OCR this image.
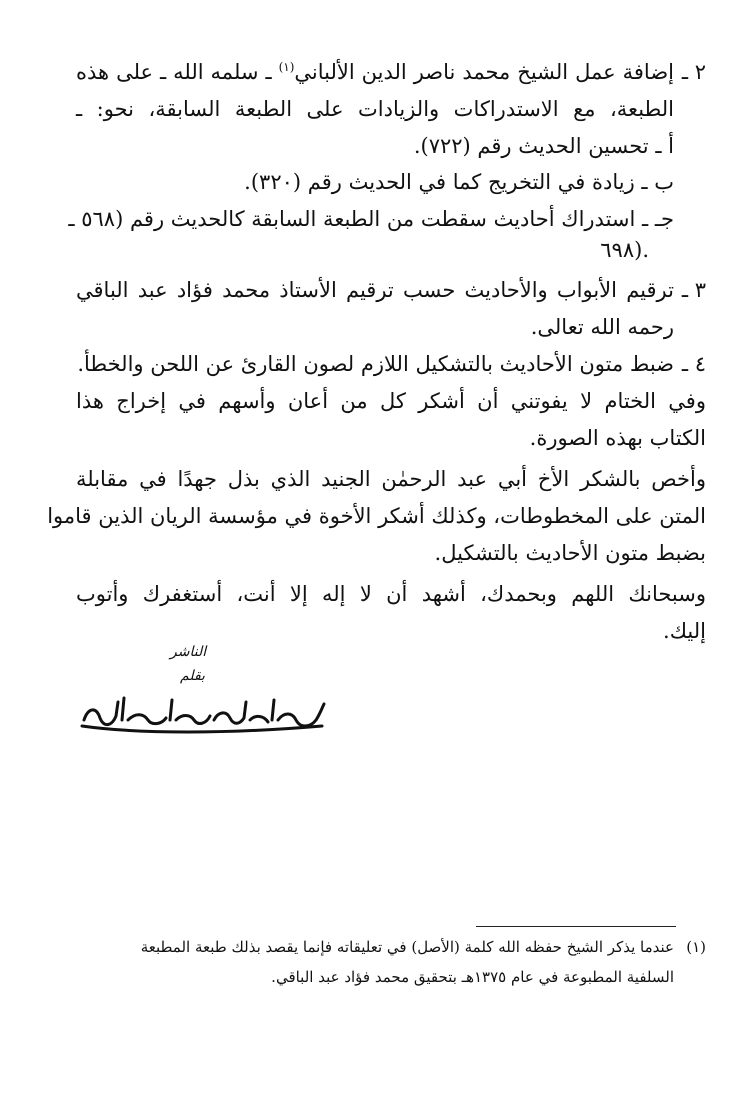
٢ ـ
إضافة عمل الشيخ محمد ناصر الدين الألباني$^{(١)}$ ـ سلمه الله ـ على هذه
الطبعة، مع الاستدراكات والزيادات على الطبعة السابقة، نحو: ـ
أ ـ تحسين الحديث رقم (٧٢٢).
ب ـ زيادة في التخريج كما في الحديث رقم (٣٢٠).
جـ ـ استدراك أحاديث سقطت من الطبعة السابقة كالحديث رقم (٥٦٨ ـ
٦٩٨).
٣ ـ
ترقيم الأبواب والأحاديث حسب ترقيم الأستاذ محمد فؤاد عبد الباقي
رحمه الله تعالى.
٤ ـ
ضبط متون الأحاديث بالتشكيل اللازم لصون القارئ عن اللحن والخطأ.
وفي الختام لا يفوتني أن أشكر كل من أعان وأسهم في إخراج هذا
الكتاب بهذه الصورة.
وأخص بالشكر الأخ أبي عبد الرحمٰن الجنيد الذي بذل جهدًا في مقابلة
المتن على المخطوطات، وكذلك أشكر الأخوة في مؤسسة الريان الذين قاموا
بضبط متون الأحاديث بالتشكيل.
وسبحانك اللهم وبحمدك، أشهد أن لا إله إلا أنت، أستغفرك وأتوب
إليك.
الناشر
بقلم
(١)
عندما يذكر الشيخ حفظه الله كلمة (الأصل) في تعليقاته فإنما يقصد بذلك طبعة المطبعة
السلفية المطبوعة في عام ١٣٧٥هـ بتحقيق محمد فؤاد عبد الباقي.
